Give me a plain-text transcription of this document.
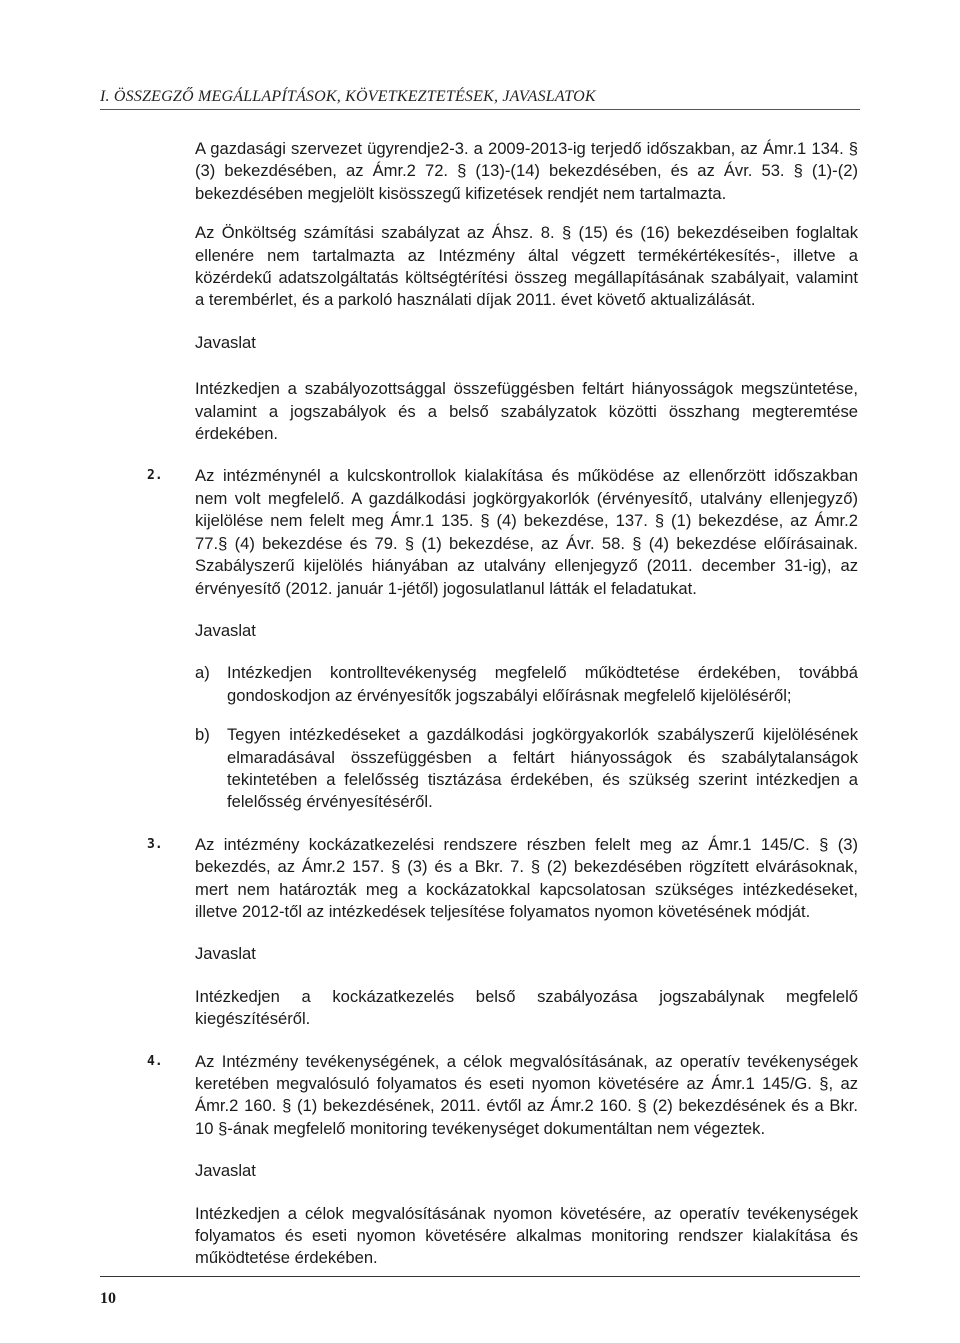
I. ÖSSZEGZŐ MEGÁLLAPÍTÁSOK, KÖVETKEZTETÉSEK, JAVASLATOK

A gazdasági szervezet ügyrendje2-3. a 2009-2013-ig terjedő időszakban, az Ámr.1 134. § (3) bekezdésében, az Ámr.2 72. § (13)-(14) bekezdésében, és az Ávr. 53. § (1)-(2) bekezdésében megjelölt kisösszegű kifizetések rendjét nem tartalmazta.

Az Önköltség számítási szabályzat az Áhsz. 8. § (15) és (16) bekezdéseiben foglaltak ellenére nem tartalmazta az Intézmény által végzett termékértékesítés-, illetve a közérdekű adatszolgáltatás költségtérítési összeg megállapításának szabályait, valamint a terembérlet, és a parkoló használati díjak 2011. évet követő aktualizálását.

Javaslat

Intézkedjen a szabályozottsággal összefüggésben feltárt hiányosságok megszüntetése, valamint a jogszabályok és a belső szabályzatok közötti összhang megteremtése érdekében.

2.	Az intézménynél a kulcskontrollok kialakítása és működése az ellenőrzött időszakban nem volt megfelelő. A gazdálkodási jogkörgyakorlók (érvényesítő, utalvány ellenjegyző) kijelölése nem felelt meg Ámr.1 135. § (4) bekezdése, 137. § (1) bekezdése, az Ámr.2 77.§ (4) bekezdése és 79. § (1) bekezdése, az Ávr. 58. § (4) bekezdése előírásainak. Szabályszerű kijelölés hiányában az utalvány ellenjegyző (2011. december 31-ig), az érvényesítő (2012. január 1-jétől) jogosulatlanul látták el feladatukat.

Javaslat

a) Intézkedjen kontrolltevékenység megfelelő működtetése érdekében, továbbá gondoskodjon az érvényesítők jogszabályi előírásnak megfelelő kijelöléséről;

b) Tegyen intézkedéseket a gazdálkodási jogkörgyakorlók szabályszerű kijelölésének elmaradásával összefüggésben a feltárt hiányosságok és szabálytalanságok tekintetében a felelősség tisztázása érdekében, és szükség szerint intézkedjen a felelősség érvényesítéséről.

3.	Az intézmény kockázatkezelési rendszere részben felelt meg az Ámr.1 145/C. § (3) bekezdés, az Ámr.2 157. § (3) és a Bkr. 7. § (2) bekezdésében rögzített elvárásoknak, mert nem határozták meg a kockázatokkal kapcsolatosan szükséges intézkedéseket, illetve 2012-től az intézkedések teljesítése folyamatos nyomon követésének módját.

Javaslat

Intézkedjen a kockázatkezelés belső szabályozása jogszabálynak megfelelő kiegészítéséről.

4.	Az Intézmény tevékenységének, a célok megvalósításának, az operatív tevékenységek keretében megvalósuló folyamatos és eseti nyomon követésére az Ámr.1 145/G. §, az Ámr.2 160. § (1) bekezdésének, 2011. évtől az Ámr.2 160. § (2) bekezdésének és a Bkr. 10 §-ának megfelelő monitoring tevékenységet dokumentáltan nem végeztek.

Javaslat

Intézkedjen a célok megvalósításának nyomon követésére, az operatív tevékenységek folyamatos és eseti nyomon követésére alkalmas monitoring rendszer kialakítása és működtetése érdekében.

10
